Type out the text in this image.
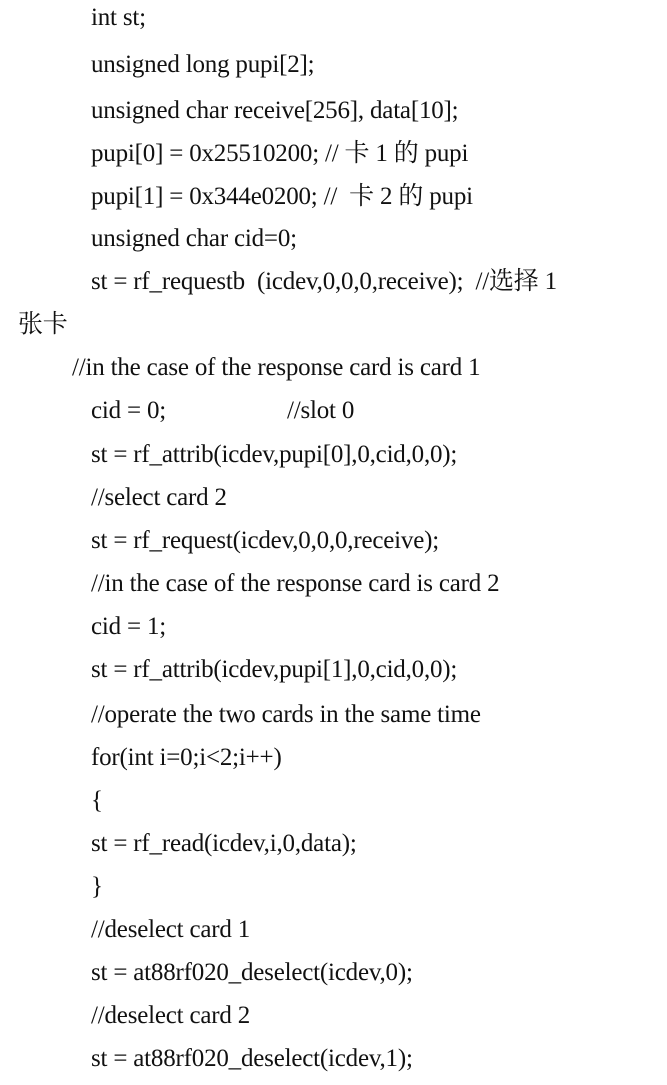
int st;
unsigned long pupi[2];
unsigned char receive[256], data[10];
pupi[0] = 0x25510200; // 卡 1 的 pupi
pupi[1] = 0x344e0200; //  卡 2 的 pupi
unsigned char cid=0;
st = rf_requestb  (icdev,0,0,0,receive);  //选择 1
张卡
//in the case of the response card is card 1
cid = 0;                    //slot 0
st = rf_attrib(icdev,pupi[0],0,cid,0,0);
//select card 2
st = rf_request(icdev,0,0,0,receive);
//in the case of the response card is card 2
cid = 1;
st = rf_attrib(icdev,pupi[1],0,cid,0,0);
//operate the two cards in the same time
for(int i=0;i<2;i++)
{
st = rf_read(icdev,i,0,data);
}
//deselect card 1
st = at88rf020_deselect(icdev,0);
//deselect card 2
st = at88rf020_deselect(icdev,1);
